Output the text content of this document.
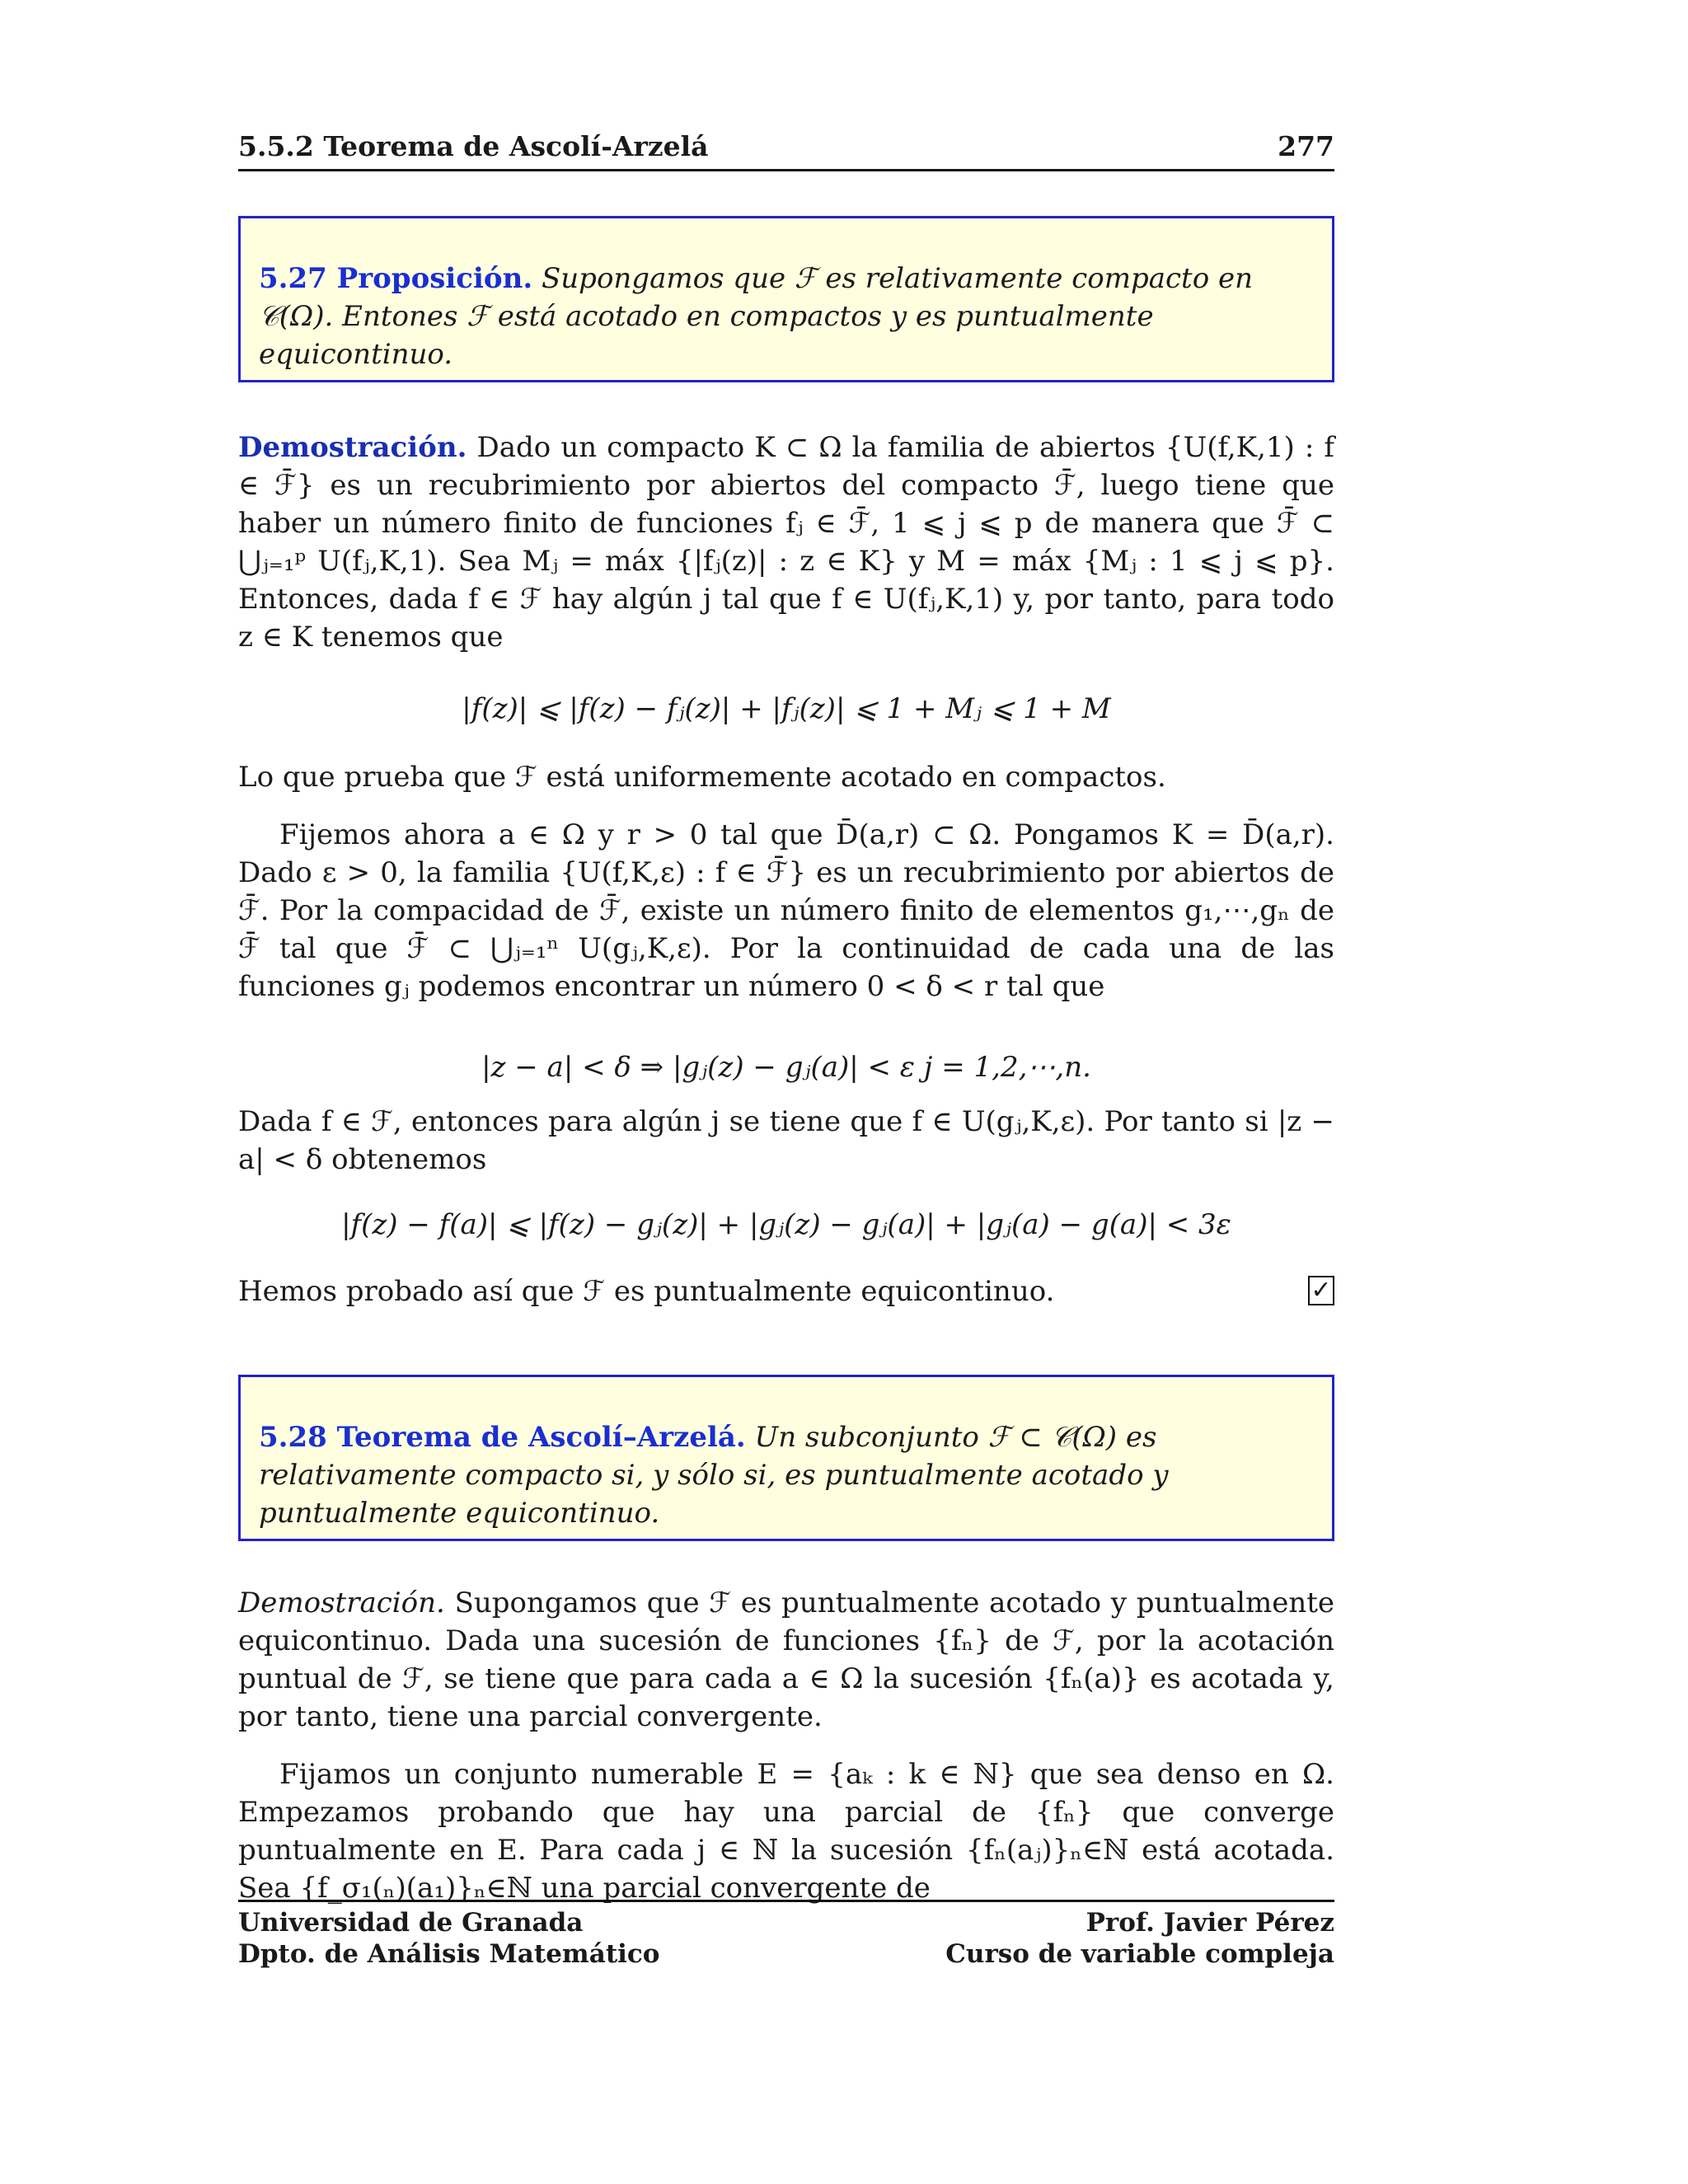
5.5.2 Teorema de Ascolí-Arzelá	277
5.27 Proposición. Supongamos que ℱ es relativamente compacto en 𝒞(Ω). Entones ℱ está acotado en compactos y es puntualmente equicontinuo.
Demostración. Dado un compacto K ⊂ Ω la familia de abiertos {U(f,K,1) : f ∈ ℱ̄} es un recubrimiento por abiertos del compacto ℱ̄, luego tiene que haber un número finito de funciones fⱼ ∈ ℱ̄, 1 ⩽ j ⩽ p de manera que ℱ̄ ⊂ ⋃ⱼ₌₁ᵖ U(fⱼ,K,1). Sea Mⱼ = máx {|fⱼ(z)| : z ∈ K} y M = máx {Mⱼ : 1 ⩽ j ⩽ p}. Entonces, dada f ∈ ℱ hay algún j tal que f ∈ U(fⱼ,K,1) y, por tanto, para todo z ∈ K tenemos que
|f(z)| ⩽ |f(z) − fⱼ(z)| + |fⱼ(z)| ⩽ 1 + Mⱼ ⩽ 1 + M
Lo que prueba que ℱ está uniformemente acotado en compactos.
Fijemos ahora a ∈ Ω y r > 0 tal que D̄(a,r) ⊂ Ω. Pongamos K = D̄(a,r). Dado ε > 0, la familia {U(f,K,ε) : f ∈ ℱ̄} es un recubrimiento por abiertos de ℱ̄. Por la compacidad de ℱ̄, existe un número finito de elementos g₁,⋯,gₙ de ℱ̄ tal que ℱ̄ ⊂ ⋃ⱼ₌₁ⁿ U(gⱼ,K,ε). Por la continuidad de cada una de las funciones gⱼ podemos encontrar un número 0 < δ < r tal que
|z − a| < δ ⇒ |gⱼ(z) − gⱼ(a)| < ε j = 1,2,⋯,n.
Dada f ∈ ℱ, entonces para algún j se tiene que f ∈ U(gⱼ,K,ε). Por tanto si |z − a| < δ obtenemos
|f(z) − f(a)| ⩽ |f(z) − gⱼ(z)| + |gⱼ(z) − gⱼ(a)| + |gⱼ(a) − g(a)| < 3ε
Hemos probado así que ℱ es puntualmente equicontinuo.	✓
5.28 Teorema de Ascolí–Arzelá. Un subconjunto ℱ ⊂ 𝒞(Ω) es relativamente compacto si, y sólo si, es puntualmente acotado y puntualmente equicontinuo.
Demostración. Supongamos que ℱ es puntualmente acotado y puntualmente equicontinuo. Dada una sucesión de funciones {fₙ} de ℱ, por la acotación puntual de ℱ, se tiene que para cada a ∈ Ω la sucesión {fₙ(a)} es acotada y, por tanto, tiene una parcial convergente.
Fijamos un conjunto numerable E = {aₖ : k ∈ ℕ} que sea denso en Ω. Empezamos probando que hay una parcial de {fₙ} que converge puntualmente en E. Para cada j ∈ ℕ la sucesión {fₙ(aⱼ)}ₙ∈ℕ está acotada. Sea {f_σ₁(ₙ)(a₁)}ₙ∈ℕ una parcial convergente de
Universidad de Granada
Dpto. de Análisis Matemático
Prof. Javier Pérez
Curso de variable compleja
